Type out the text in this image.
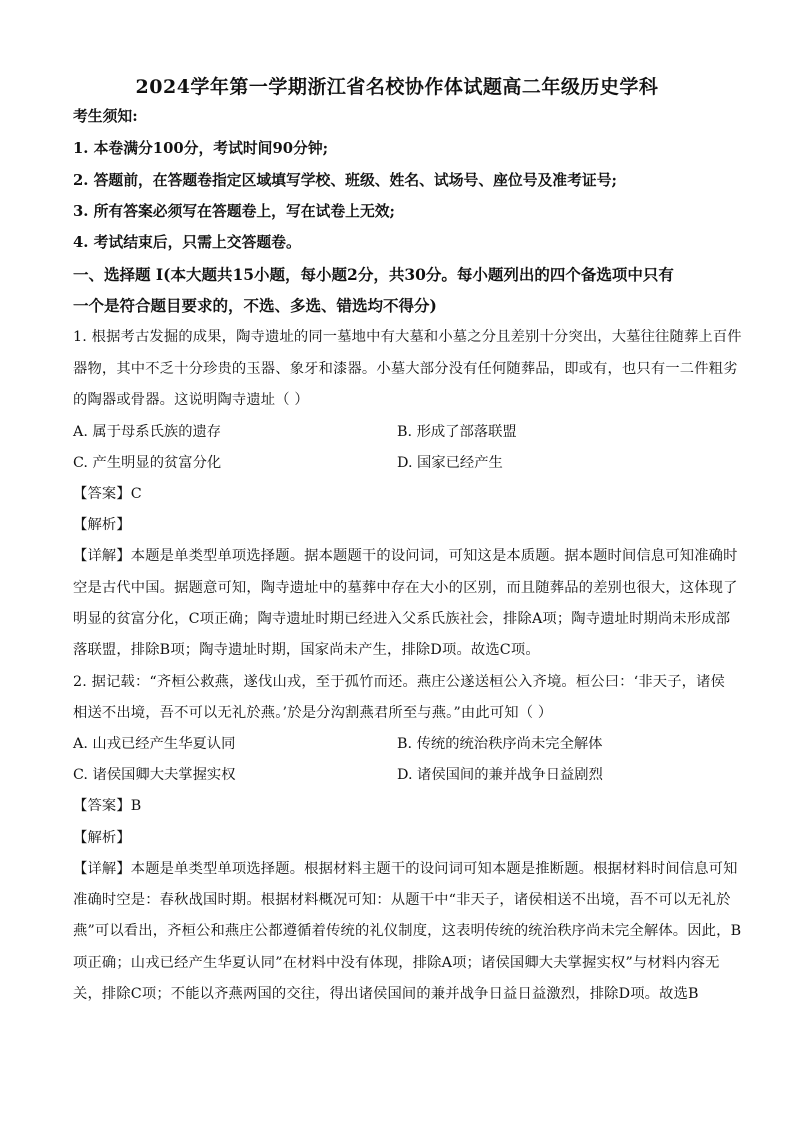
2024学年第一学期浙江省名校协作体试题高二年级历史学科
考生须知:
1. 本卷满分100分，考试时间90分钟;
2. 答题前，在答题卷指定区域填写学校、班级、姓名、试场号、座位号及准考证号;
3. 所有答案必须写在答题卷上，写在试卷上无效;
4. 考试结束后，只需上交答题卷。
一、选择题 Ⅰ(本大题共15小题，每小题2分，共30分。每小题列出的四个备选项中只有
一个是符合题目要求的，不选、多选、错选均不得分)
1. 根据考古发掘的成果，陶寺遗址的同一墓地中有大墓和小墓之分且差别十分突出，大墓往往随葬上百件
器物，其中不乏十分珍贵的玉器、象牙和漆器。小墓大部分没有任何随葬品，即或有，也只有一二件粗劣
的陶器或骨器。这说明陶寺遗址（ ）
A. 属于母系氏族的遗存	B. 形成了部落联盟
C. 产生明显的贫富分化	D. 国家已经产生
【答案】C
【解析】
【详解】本题是单类型单项选择题。据本题题干的设问词，可知这是本质题。据本题时间信息可知准确时
空是古代中国。据题意可知，陶寺遗址中的墓葬中存在大小的区别，而且随葬品的差别也很大，这体现了
明显的贫富分化，C项正确；陶寺遗址时期已经进入父系氏族社会，排除A项；陶寺遗址时期尚未形成部
落联盟，排除B项；陶寺遗址时期，国家尚未产生，排除D项。故选C项。
2. 据记载：“齐桓公救燕，遂伐山戎，至于孤竹而还。燕庄公遂送桓公入齐境。桓公曰：‘非天子，诸侯
相送不出境，吾不可以无礼於燕。’於是分沟割燕君所至与燕。”由此可知（ ）
A. 山戎已经产生华夏认同	B. 传统的统治秩序尚未完全解体
C. 诸侯国卿大夫掌握实权	D. 诸侯国间的兼并战争日益剧烈
【答案】B
【解析】
【详解】本题是单类型单项选择题。根据材料主题干的设问词可知本题是推断题。根据材料时间信息可知
准确时空是：春秋战国时期。根据材料概况可知：从题干中“非天子，诸侯相送不出境，吾不可以无礼於
燕”可以看出，齐桓公和燕庄公都遵循着传统的礼仪制度，这表明传统的统治秩序尚未完全解体。因此，B
项正确；山戎已经产生华夏认同”在材料中没有体现，排除A项；诸侯国卿大夫掌握实权”与材料内容无
关，排除C项；不能以齐燕两国的交往，得出诸侯国间的兼并战争日益日益激烈，排除D项。故选B
